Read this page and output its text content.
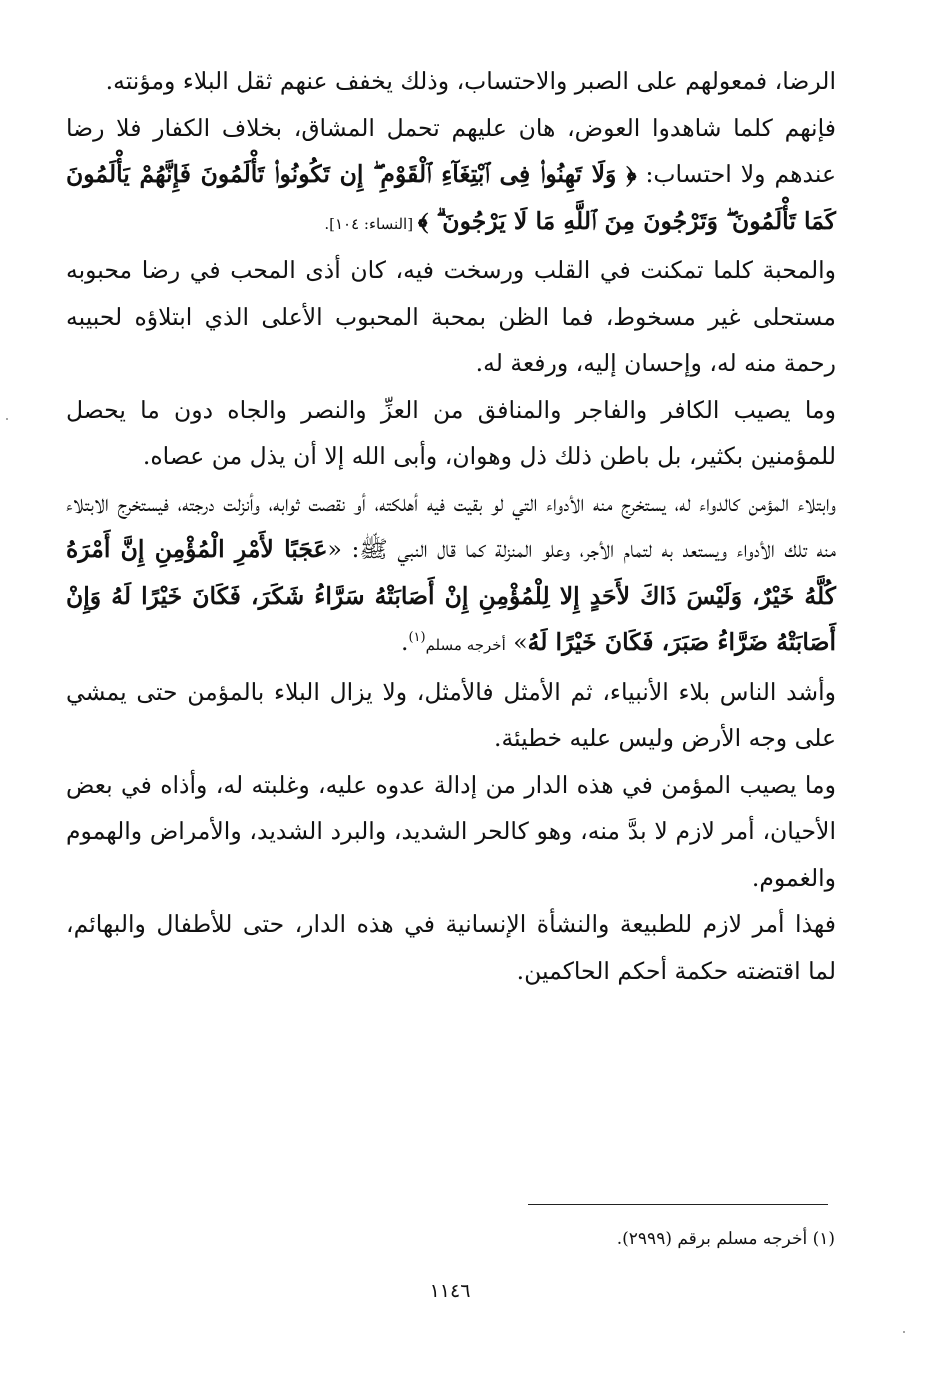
الرضا، فمعولهم على الصبر والاحتساب، وذلك يخفف عنهم ثقل البلاء ومؤنته.

فإنهم كلما شاهدوا العوض، هان عليهم تحمل المشاق، بخلاف الكفار فلا رضا عندهم ولا احتساب: ﴿ وَلَا تَهِنُوا۟ فِى ٱبْتِغَآءِ ٱلْقَوْمِ ۖ إِن تَكُونُوا۟ تَأْلَمُونَ فَإِنَّهُمْ يَأْلَمُونَ كَمَا تَأْلَمُونَ ۖ وَتَرْجُونَ مِنَ ٱللَّهِ مَا لَا يَرْجُونَ ۗ ﴾ [النساء: ١٠٤].

والمحبة كلما تمكنت في القلب ورسخت فيه، كان أذى المحب في رضا محبوبه مستحلى غير مسخوط، فما الظن بمحبة المحبوب الأعلى الذي ابتلاؤه لحبيبه رحمة منه له، وإحسان إليه، ورفعة له.

وما يصيب الكافر والفاجر والمنافق من العزِّ والنصر والجاه دون ما يحصل للمؤمنين بكثير، بل باطن ذلك ذل وهوان، وأبى الله إلا أن يذل من عصاه.

وابتلاء المؤمن كالدواء له، يستخرج منه الأدواء التي لو بقيت فيه أهلكته، أو نقصت ثوابه، وأنزلت درجته، فيستخرج الابتلاء منه تلك الأدواء ويستعد به لتمام الأجر، وعلو المنزلة كما قال النبي ﷺ: «عَجَبًا لأَمْرِ الْمُؤْمِنِ إِنَّ أَمْرَهُ كُلَّهُ خَيْرٌ، وَلَيْسَ ذَاكَ لأَحَدٍ إِلا لِلْمُؤْمِنِ إِنْ أَصَابَتْهُ سَرَّاءُ شَكَرَ، فَكَانَ خَيْرًا لَهُ وَإِنْ أَصَابَتْهُ ضَرَّاءُ صَبَرَ، فَكَانَ خَيْرًا لَهُ» أخرجه مسلم$^{(١)}$.

وأشد الناس بلاء الأنبياء، ثم الأمثل فالأمثل، ولا يزال البلاء بالمؤمن حتى يمشي على وجه الأرض وليس عليه خطيئة.

وما يصيب المؤمن في هذه الدار من إدالة عدوه عليه، وغلبته له، وأذاه في بعض الأحيان، أمر لازم لا بدَّ منه، وهو كالحر الشديد، والبرد الشديد، والأمراض والهموم والغموم.

فهذا أمر لازم للطبيعة والنشأة الإنسانية في هذه الدار، حتى للأطفال والبهائم، لما اقتضته حكمة أحكم الحاكمين.

(١) أخرجه مسلم برقم (٢٩٩٩).
١١٤٦
